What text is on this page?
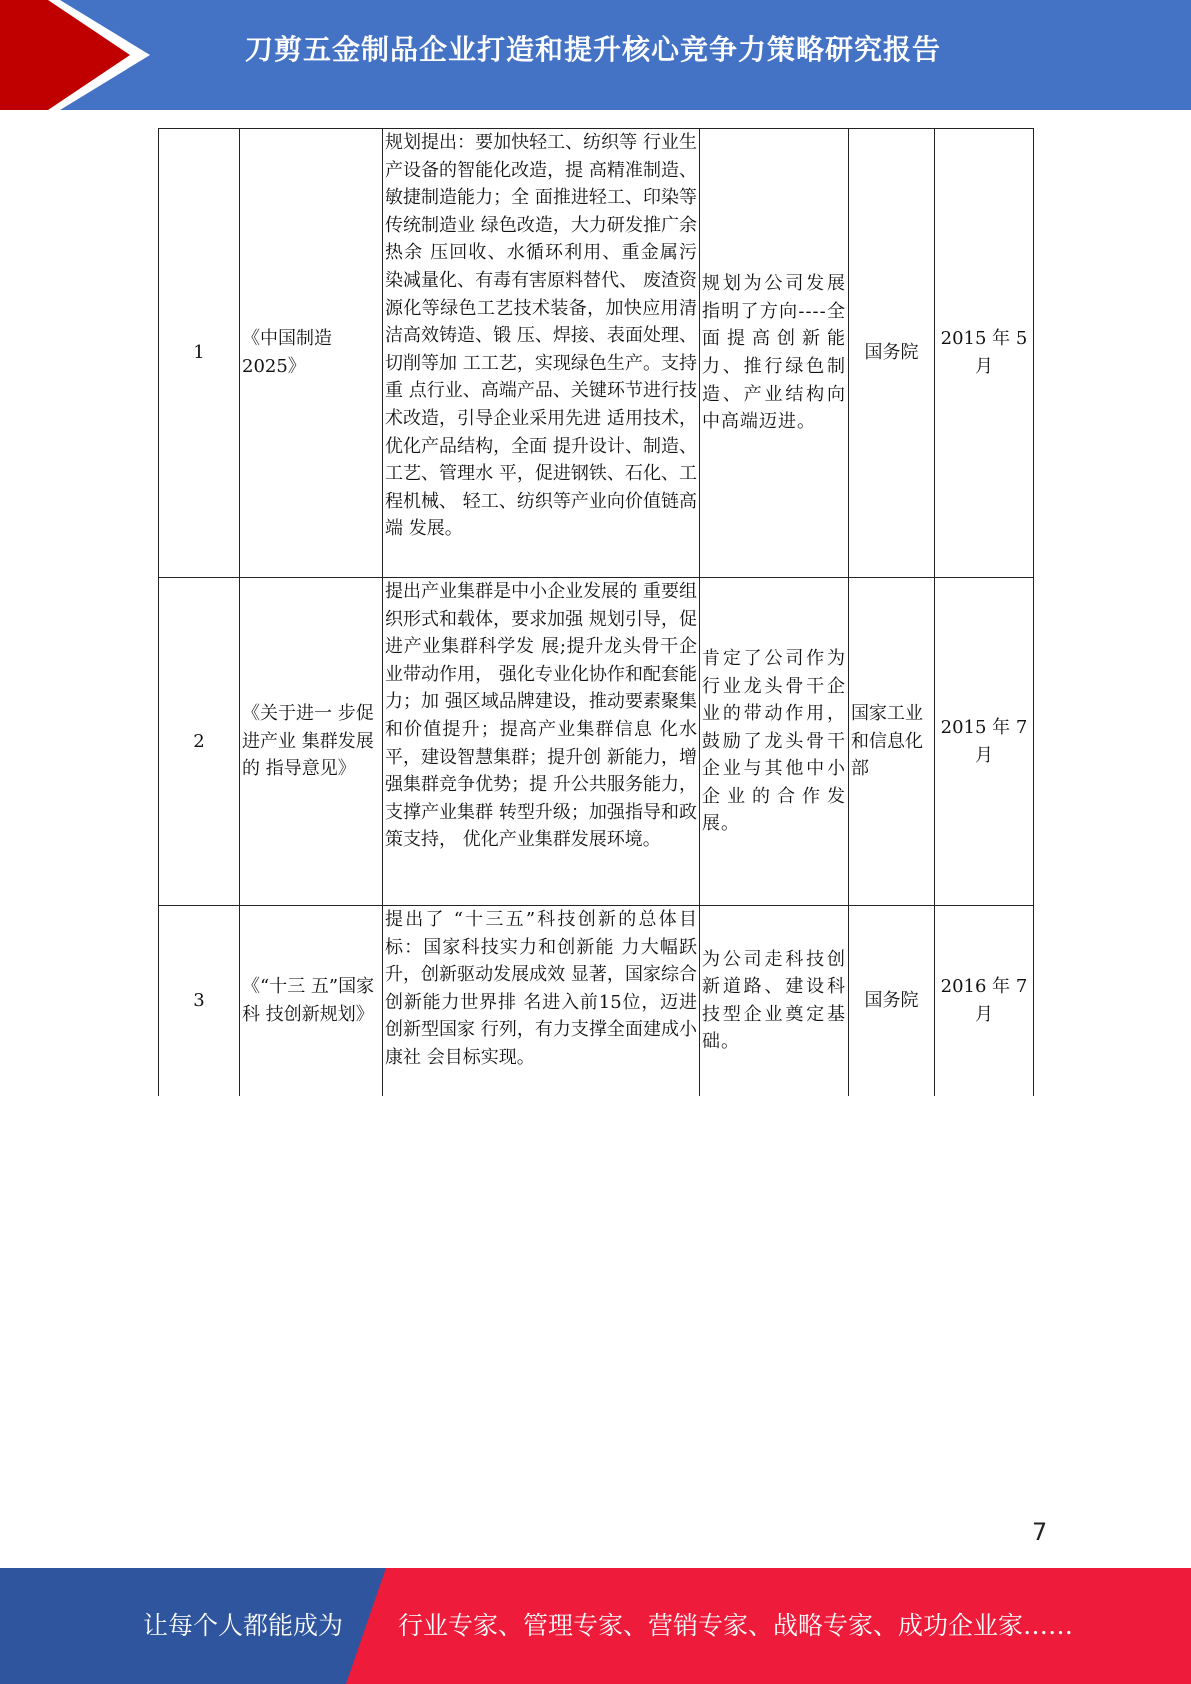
刀剪五金制品企业打造和提升核心竞争力策略研究报告
1	《中国制造2025》	规划提出：要加快轻工、纺织等 行业生产设备的智能化改造，提 高精准制造、敏捷制造能力；全 面推进轻工、印染等传统制造业 绿色改造，大力研发推广余热余 压回收、水循环利用、重金属污 染减量化、有毒有害原料替代、 废渣资源化等绿色工艺技术装备，加快应用清洁高效铸造、锻 压、焊接、表面处理、切削等加 工工艺，实现绿色生产。支持重 点行业、高端产品、关键环节进行技术改造，引导企业采用先进 适用技术，优化产品结构，全面 提升设计、制造、工艺、管理水 平，促进钢铁、石化、工程机械、 轻工、纺织等产业向价值链高端 发展。	规划为公司发展指明了方向----全面提高创新能力、推行绿色制造、产业结构向中高端迈进。	国务院	2015 年 5月
2	《关于进一 步促进产业 集群发展的 指导意见》	提出产业集群是中小企业发展的 重要组织形式和载体，要求加强 规划引导，促进产业集群科学发 展;提升龙头骨干企业带动作用， 强化专业化协作和配套能力；加 强区域品牌建设，推动要素聚集 和价值提升；提高产业集群信息 化水平，建设智慧集群；提升创 新能力，增强集群竞争优势；提 升公共服务能力，支撑产业集群 转型升级；加强指导和政策支持， 优化产业集群发展环境。	肯定了公司作为行业龙头骨干企业的带动作用，鼓励了龙头骨干企业与其他中小企业的合作发 展。	国家工业和信息化部	2015 年 7月
3	《“十三 五”国家科 技创新规划》	提出了 “十三五”科技创新的总体目标：国家科技实力和创新能 力大幅跃升，创新驱动发展成效 显著，国家综合创新能力世界排 名进入前15位，迈进创新型国家 行列，有力支撑全面建成小康社 会目标实现。	为公司走科技创新道路、建设科技型企业奠定基础。	国务院	2016 年 7月
7
让每个人都能成为 行业专家、管理专家、营销专家、战略专家、成功企业家……
